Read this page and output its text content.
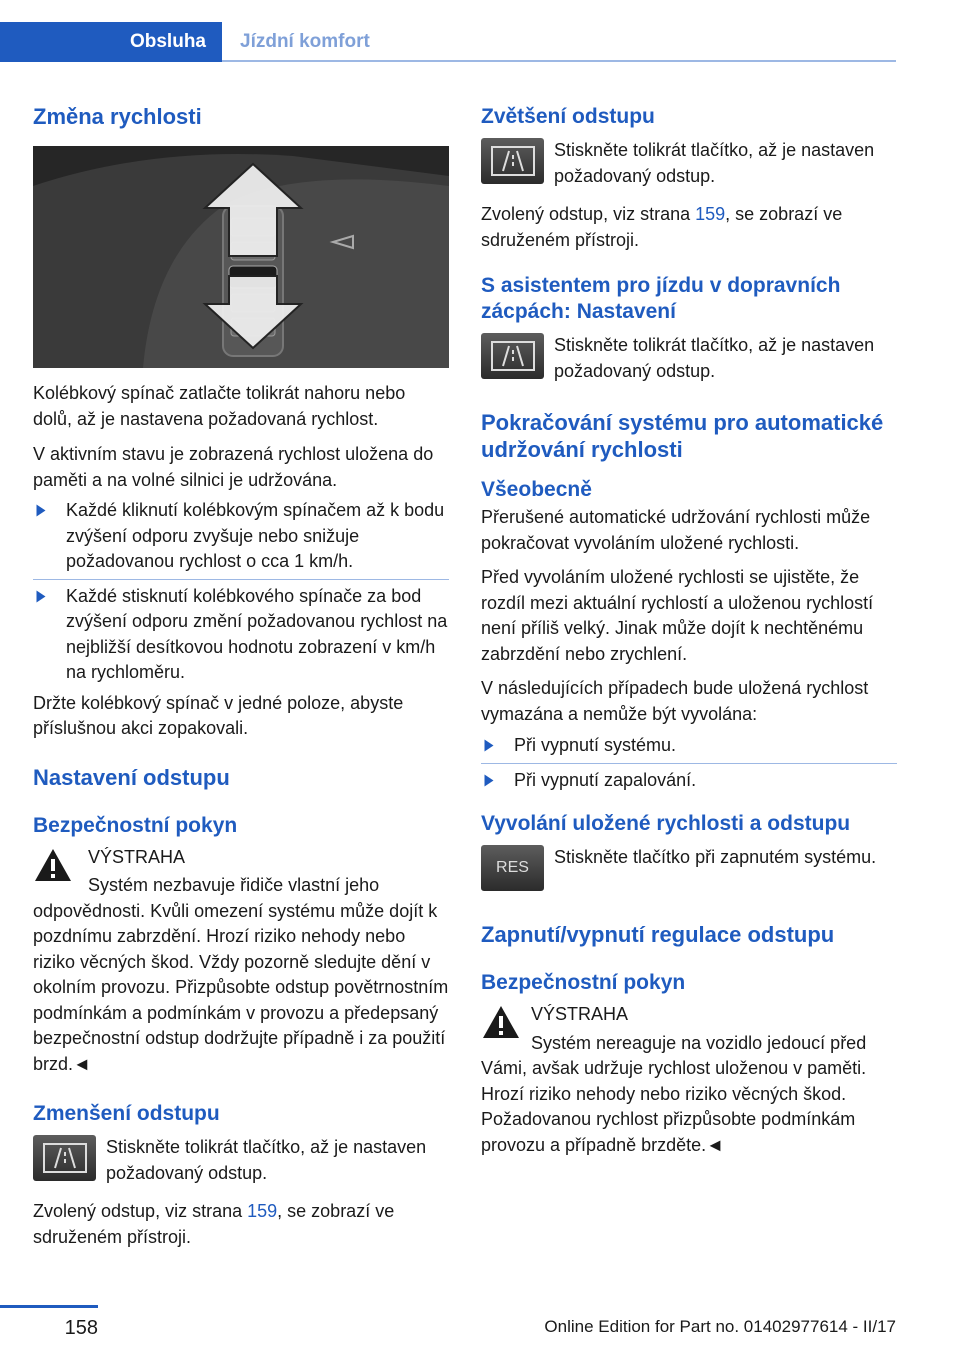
Obsluha	Jízdní komfort
Změna rychlosti

Kolébkový spínač zatlačte tolikrát nahoru nebo dolů, až je nastavena požadovaná rychlost.

V aktivním stavu je zobrazená rychlost uložena do paměti a na volné silnici je udržována.

Každé kliknutí kolébkovým spínačem až k bodu zvýšení odporu zvyšuje nebo snižuje požadovanou rychlost o cca 1 km/h.
Každé stisknutí kolébkového spínače za bod zvýšení odporu změní požadovanou rychlost na nejbližší desítkovou hodnotu zobrazení v km/h na rychloměru.

Držte kolébkový spínač v jedné poloze, abyste příslušnou akci zopakovali.

Nastavení odstupu
Bezpečnostní pokyn

VÝSTRAHA

Systém nezbavuje řidiče vlastní jeho odpovědnosti. Kvůli omezení systému může dojít k pozdnímu zabrzdění. Hrozí riziko nehody nebo riziko věcných škod. Vždy pozorně sledujte dění v okolním provozu. Přizpůsobte odstup povětrnostním podmínkám a podmínkám v provozu a předepsaný bezpečnostní odstup dodržujte případně i za použití brzd.◄

Zmenšení odstupu

Stiskněte tolikrát tlačítko, až je nastaven požadovaný odstup.

Zvolený odstup, viz strana 159, se zobrazí ve sdruženém přístroji.

Zvětšení odstupu

Stiskněte tolikrát tlačítko, až je nastaven požadovaný odstup.

Zvolený odstup, viz strana 159, se zobrazí ve sdruženém přístroji.

S asistentem pro jízdu v dopravních zácpách: Nastavení

Stiskněte tolikrát tlačítko, až je nastaven požadovaný odstup.

Pokračování systému pro automatické udržování rychlosti
Všeobecně

Přerušené automatické udržování rychlosti může pokračovat vyvoláním uložené rychlosti.

Před vyvoláním uložené rychlosti se ujistěte, že rozdíl mezi aktuální rychlostí a uloženou rychlostí není příliš velký. Jinak může dojít k nechtěnému zabrzdění nebo zrychlení.

V následujících případech bude uložená rychlost vymazána a nemůže být vyvolána:

Při vypnutí systému.
Při vypnutí zapalování.
Vyvolání uložené rychlosti a odstupu
RES

Stiskněte tlačítko při zapnutém systému.

Zapnutí/vypnutí regulace odstupu
Bezpečnostní pokyn

VÝSTRAHA

Systém nereaguje na vozidlo jedoucí před Vámi, avšak udržuje rychlost uloženou v paměti. Hrozí riziko nehody nebo riziko věcných škod. Požadovanou rychlost přizpůsobte podmínkám provozu a případně brzděte.◄

158	Online Edition for Part no. 01402977614 - II/17
